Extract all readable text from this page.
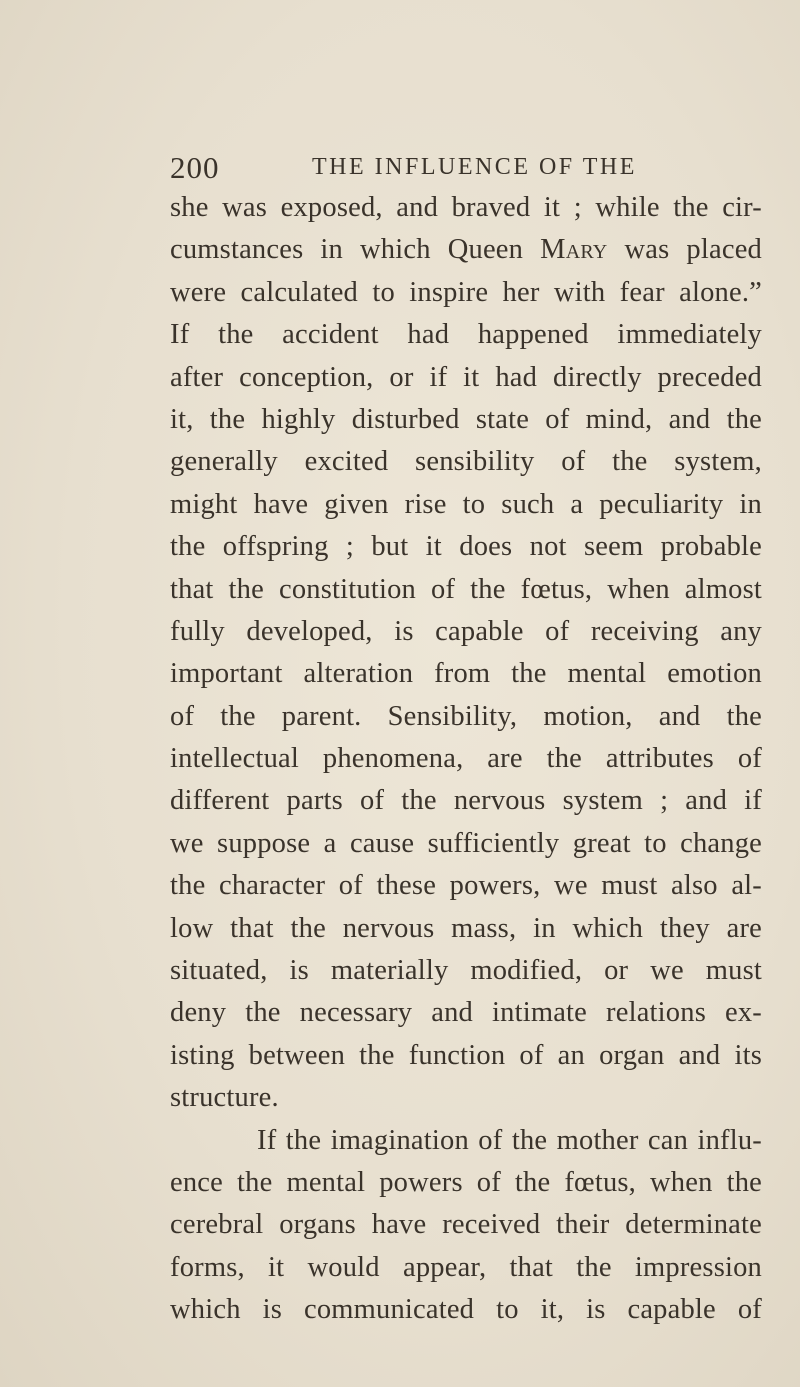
200	THE INFLUENCE OF THE
she was exposed, and braved it ; while the cir-
cumstances in which Queen Mary was placed
were calculated to inspire her with fear alone.”
If the accident had happened immediately
after conception, or if it had directly preceded
it, the highly disturbed state of mind, and the
generally excited sensibility of the system,
might have given rise to such a peculiarity in
the offspring ; but it does not seem probable
that the constitution of the fœtus, when almost
fully developed, is capable of receiving any
important alteration from the mental emotion
of the parent. Sensibility, motion, and the
intellectual phenomena, are the attributes of
different parts of the nervous system ; and if
we suppose a cause sufficiently great to change
the character of these powers, we must also al-
low that the nervous mass, in which they are
situated, is materially modified, or we must
deny the necessary and intimate relations ex-
isting between the function of an organ and its
structure.
If the imagination of the mother can influ-
ence the mental powers of the fœtus, when the
cerebral organs have received their determinate
forms, it would appear, that the impression
which is communicated to it, is capable of
